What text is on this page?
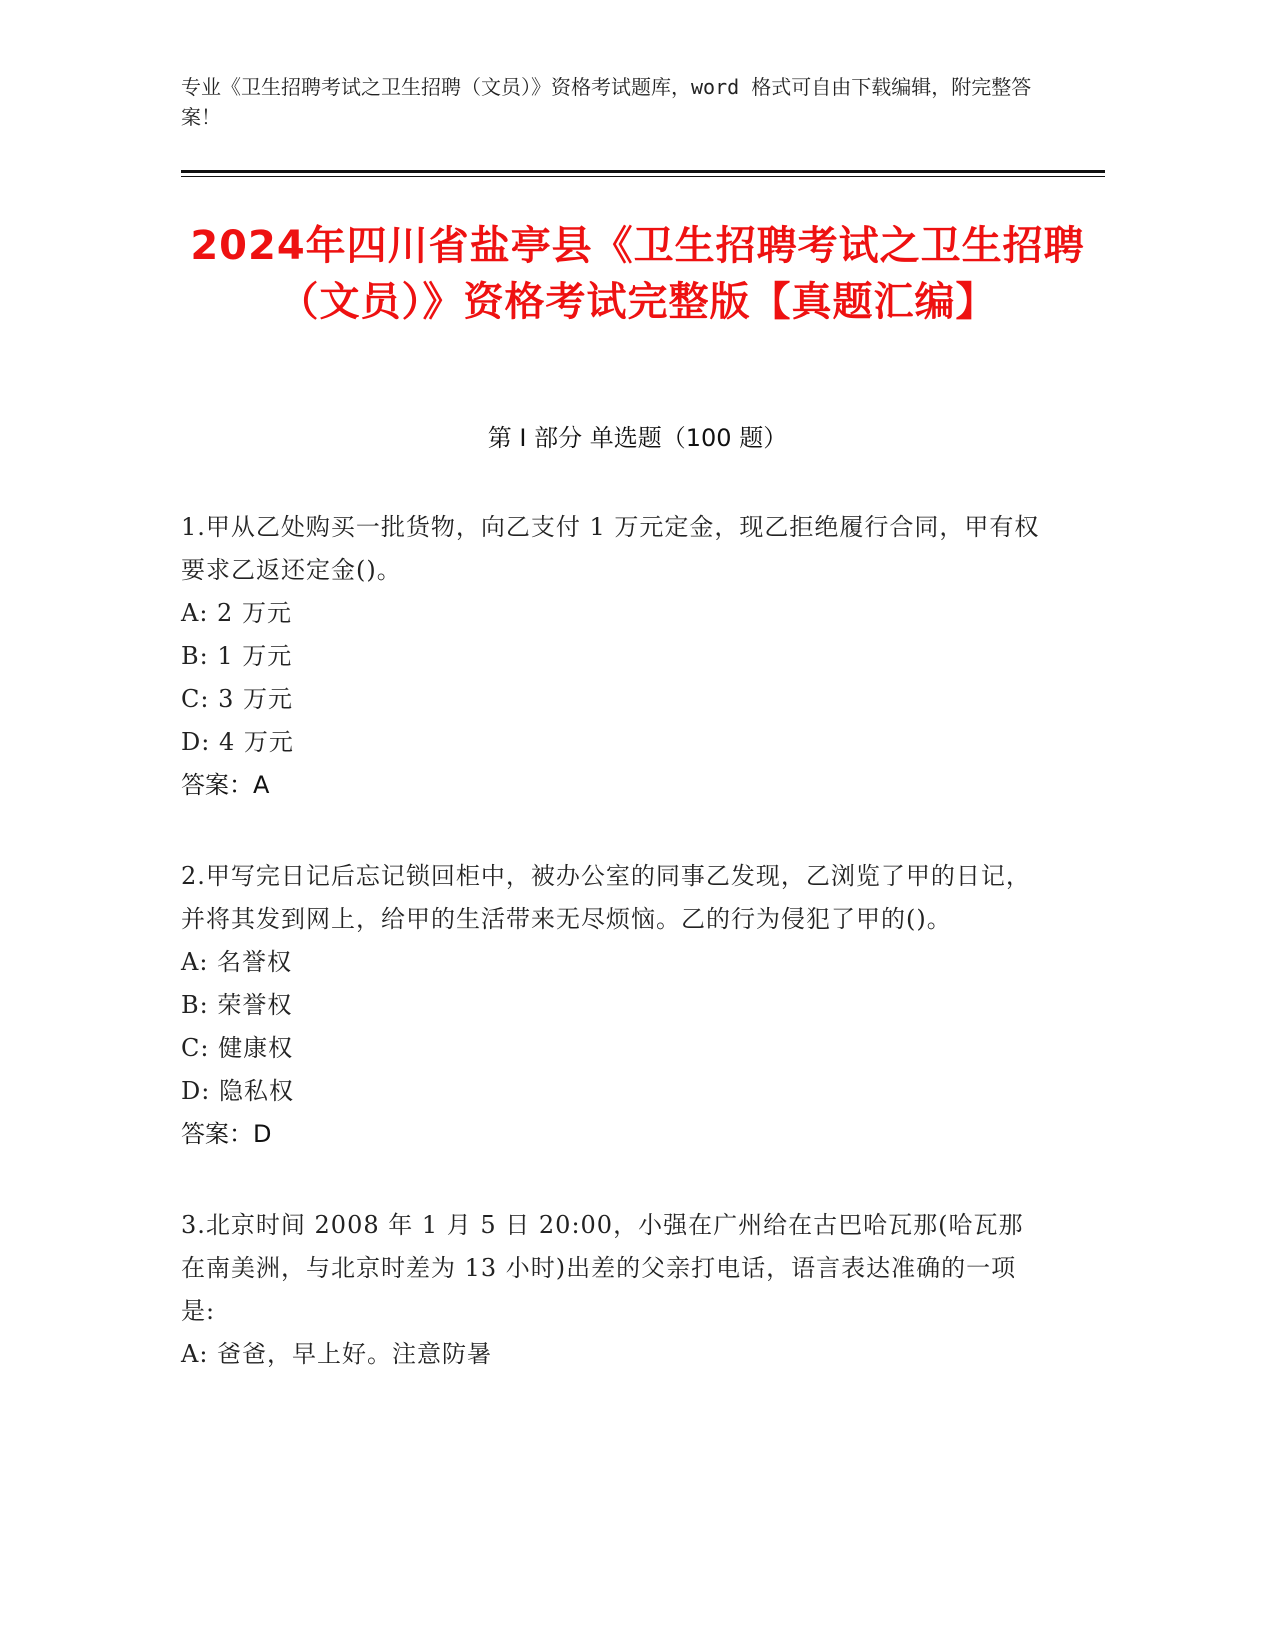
专业《卫生招聘考试之卫生招聘（文员）》资格考试题库，word 格式可自由下载编辑，附完整答案！
2024年四川省盐亭县《卫生招聘考试之卫生招聘（文员）》资格考试完整版【真题汇编】
第 I 部分 单选题（100 题）
1.甲从乙处购买一批货物，向乙支付 1 万元定金，现乙拒绝履行合同，甲有权要求乙返还定金()。
A: 2 万元
B: 1 万元
C: 3 万元
D: 4 万元
答案：A
2.甲写完日记后忘记锁回柜中，被办公室的同事乙发现，乙浏览了甲的日记，并将其发到网上，给甲的生活带来无尽烦恼。乙的行为侵犯了甲的()。
A: 名誉权
B: 荣誉权
C: 健康权
D: 隐私权
答案：D
3.北京时间 2008 年 1 月 5 日 20:00，小强在广州给在古巴哈瓦那(哈瓦那在南美洲，与北京时差为 13 小时)出差的父亲打电话，语言表达准确的一项是:
A: 爸爸，早上好。注意防暑
